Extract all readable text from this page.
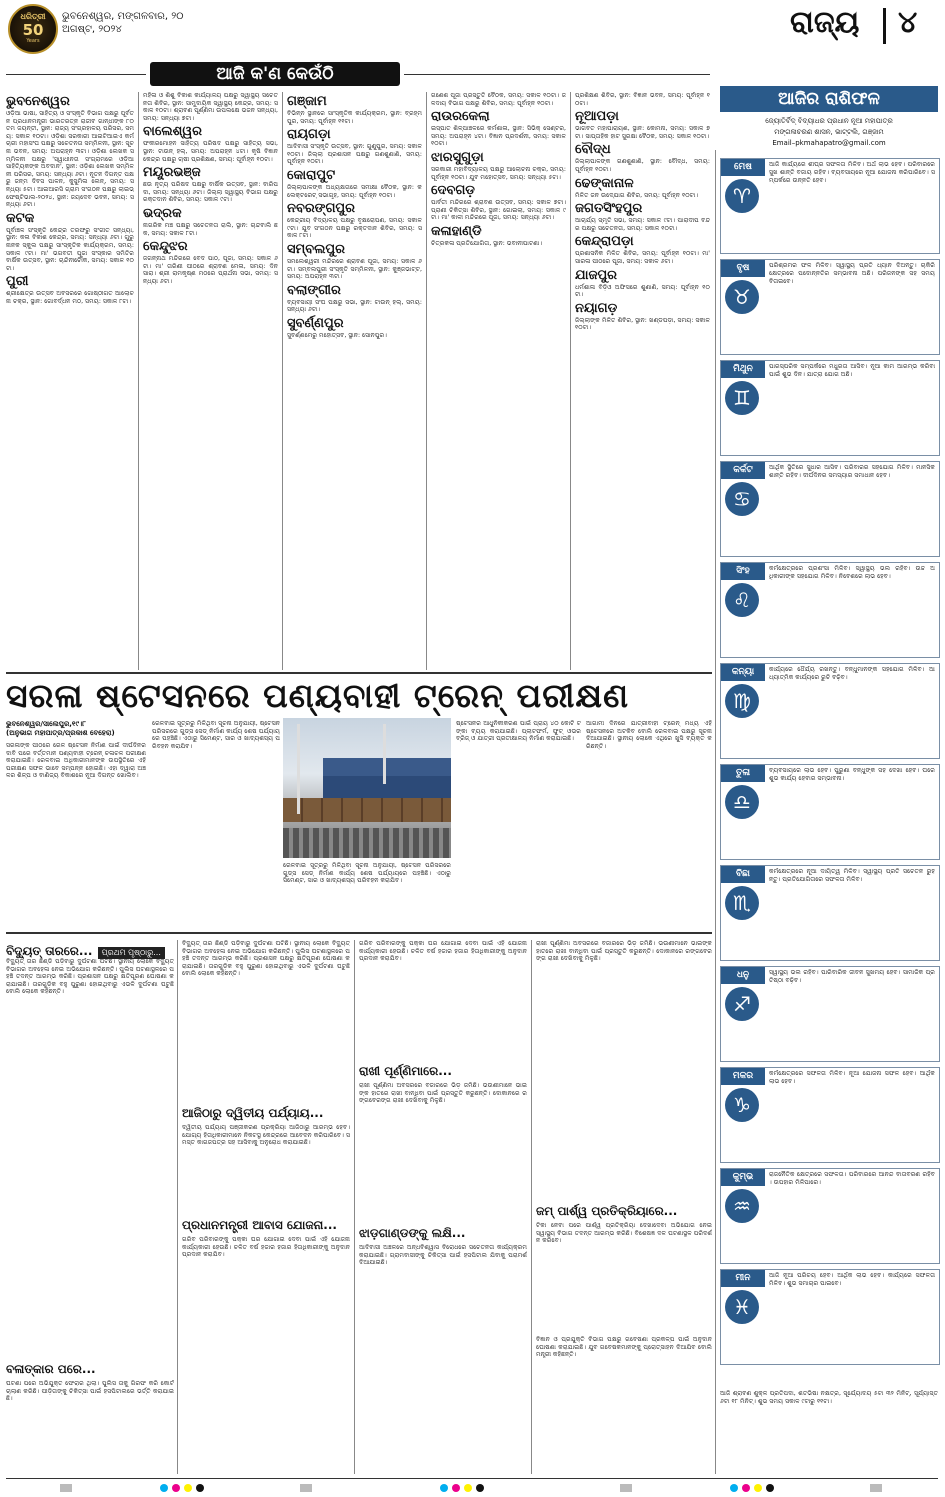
ଧରିତ୍ରୀ
50
Years
ଭୁବନେଶ୍ୱର, ମଙ୍ଗଳବାର, ୨୦ ଅଗଷ୍ଟ, ୨୦୨୪	ରାଜ୍ୟ ୪
ଆଜି କ'ଣ କେଉଁଠି
ଭୁବନେଶ୍ୱର

ଓଡ଼ିଆ ଭାଷା, ସାହିତ୍ୟ ଓ ସଂସ୍କୃତି ବିଭାଗ ପକ୍ଷରୁ ପୂର୍ବତନ ପ୍ରଧାନମନ୍ତ୍ରୀ ଭାରତରତ୍ନ ରାଜୀବ ଗାନ୍ଧୀଙ୍କ ୮୦ତମ ଜୟନ୍ତୀ, ସ୍ଥାନ: ରାଜ୍ୟ ସଂଗ୍ରହାଳୟ ପରିସର, ସମୟ: ସକାଳ ୧୦ଟା। ଓଡ଼ିଶା ସରକାରୀ ଆଇଟିଆଇଏ କର୍ମଚାରୀ ମହାସଂଘ ପକ୍ଷରୁ ସଚେତନତା ସମ୍ମିଳନୀ, ସ୍ଥାନ: ସୂଚନା ଭବନ, ସମୟ: ଅପରାହ୍ନ ୩ଟା। ଓଡ଼ିଶା ଲେଖକ ସମ୍ମିଳନୀ ପକ୍ଷରୁ 'ସ୍ୱାଧୀନତା ସଂଗ୍ରାମରେ ଓଡ଼ିଆ ସାହିତ୍ୟିକଙ୍କ ଅବଦାନ', ସ୍ଥାନ: ଓଡ଼ିଶା ଲେଖକ ସମ୍ମିଳନୀ ପରିସର, ସମୟ: ସନ୍ଧ୍ୟା ୬ଟା। ନୂତନ ଦିଗନ୍ତ ପକ୍ଷରୁ ଜନ୍ମ ଦିବସ ପାଳନ, କୁସୁମିଳା ଲେନ୍, ସମୟ: ସନ୍ଧ୍ୟା ୫ଟା। ଆଇଆରସି ଗ୍ରାମ ସଂଗଠନ ପକ୍ଷରୁ ଲାଇଭ୍ ଫେଷ୍ଟିଭାଲ-୨୦୨୪, ସ୍ଥାନ: ଜୟଦେବ ଭବନ, ସମୟ: ସନ୍ଧ୍ୟା ୬ଟା।

କଟକ

ପୂର୍ବାଞ୍ଚଳ ସଂସ୍କୃତି କେନ୍ଦ୍ର ତରଫରୁ ସଂଗୀତ ସନ୍ଧ୍ୟା, ସ୍ଥାନ: କଳା ବିକାଶ କେନ୍ଦ୍ର, ସମୟ: ସନ୍ଧ୍ୟା ୬ଟା। ଗୁରୁ ନାନକ ସ୍କୁଲ ପକ୍ଷରୁ ସାଂସ୍କୃତିକ କାର୍ଯ୍ୟକ୍ରମ, ସମୟ: ସକାଳ ୯ଟା। ମା' ଭଗବତୀ ପୂଜା ସଂସ୍କାର ସମିତିର ବାର୍ଷିକ ଉତ୍ସବ, ସ୍ଥାନ: ଚାନ୍ଦିନୀଚୌକ, ସମୟ: ସକାଳ ୧୦ଟା।

ପୁରୀ

ଶ୍ରୀକ୍ଷେତ୍ର ଉତ୍ସବ ଅବସରରେ ଗୋଷ୍ଠୀଗତ ଆଲୋଚନା ଚକ୍ର, ସ୍ଥାନ: ଗୋବର୍ଦ୍ଧନ ମଠ, ସମୟ: ସକାଳ ୮ଟା।

ମହିଳା ଓ ଶିଶୁ ବିକାଶ କାର୍ଯ୍ୟାଳୟ ପକ୍ଷରୁ ସ୍ୱାସ୍ଥ୍ୟ ସଚେତନତା ଶିବିର, ସ୍ଥାନ: ସାମୁଦାୟିକ ସ୍ୱାସ୍ଥ୍ୟ କେନ୍ଦ୍ର, ସମୟ: ସକାଳ ୧୦ଟା। ଶ୍ରାବଣ ପୂର୍ଣ୍ଣିମା ଉପଲକ୍ଷେ ଭଜନ ସନ୍ଧ୍ୟା, ସମୟ: ସନ୍ଧ୍ୟା ୭ଟା।

ବାଲେଶ୍ୱର

ଫକୀରମୋହନ ସାହିତ୍ୟ ପରିଷଦ ପକ୍ଷରୁ ସାହିତ୍ୟ ସଭା, ସ୍ଥାନ: ଟାଉନ୍ ହଲ୍, ସମୟ: ଅପରାହ୍ନ ୪ଟା। କୃଷି ବିଜ୍ଞାନ କେନ୍ଦ୍ର ପକ୍ଷରୁ ଚାଷୀ ପ୍ରଶିକ୍ଷଣ, ସମୟ: ପୂର୍ବାହ୍ନ ୧୦ଟା।

ମୟୂରଭଞ୍ଜ

ଛଉ ନୃତ୍ୟ ପରିଷଦ ପକ୍ଷରୁ ବାର୍ଷିକ ଉତ୍ସବ, ସ୍ଥାନ: ବାରିପଦା, ସମୟ: ସନ୍ଧ୍ୟା ୬ଟା। ଜିଲ୍ଲା ସ୍ୱାସ୍ଥ୍ୟ ବିଭାଗ ପକ୍ଷରୁ ରକ୍ତଦାନ ଶିବିର, ସମୟ: ସକାଳ ୯ଟା।

ଭଦ୍ରକ

ନାଗରିକ ମଞ୍ଚ ପକ୍ଷରୁ ସଚେତନତା ରାଲି, ସ୍ଥାନ: ଚାନ୍ଦବାଲି ଛକ, ସମୟ: ସକାଳ ୮ଟା।

କେନ୍ଦୁଝର

ଜଗନ୍ନାଥ ମନ୍ଦିରରେ ବେଦ ପାଠ, ପୂଜା, ସମୟ: ସକାଳ ୬ଟା। ମା' ତାରିଣୀ ପୀଠରେ ଶ୍ରାବଣ ମେଳା, ସମୟ: ଦିନ ସାରା। ଶ୍ରୀ ରାମକୃଷ୍ଣ ମଠରେ ପ୍ରାର୍ଥନା ସଭା, ସମୟ: ସନ୍ଧ୍ୟା ୬ଟା।

ଗଞ୍ଜାମ

ବିଭିନ୍ନ ସ୍ଥାନରେ ସାଂସ୍କୃତିକ କାର୍ଯ୍ୟକ୍ରମ, ସ୍ଥାନ: ବ୍ରହ୍ମପୁର, ସମୟ: ପୂର୍ବାହ୍ନ ୧୧ଟା।

ରାୟଗଡ଼ା

ଆଦିବାସୀ ସଂସ୍କୃତି ଉତ୍ସବ, ସ୍ଥାନ: ଗୁଣୁପୁର, ସମୟ: ସକାଳ ୧୦ଟା। ଜିଲ୍ଲା ପ୍ରଶାସନ ପକ୍ଷରୁ ଗଣଶୁଣାଣି, ସମୟ: ପୂର୍ବାହ୍ନ ୧୦ଟା।

କୋରାପୁଟ

ଜିଲ୍ଲାପାଳଙ୍କ ଅଧ୍ୟକ୍ଷତାରେ ସମୀକ୍ଷା ବୈଠକ, ସ୍ଥାନ: କଲେକ୍ଟରେଟ୍ ସଭାଗୃହ, ସମୟ: ପୂର୍ବାହ୍ନ ୧୦ଟା।

ନବରଙ୍ଗପୁର

କେନ୍ଦ୍ରୀୟ ବିଦ୍ୟାଳୟ ପକ୍ଷରୁ ବୃକ୍ଷରୋପଣ, ସମୟ: ସକାଳ ୯ଟା। ଯୁବ ସଂଗଠନ ପକ୍ଷରୁ ରକ୍ତଦାନ ଶିବିର, ସମୟ: ସକାଳ ୮ଟା।

ସମ୍ବଲପୁର

ସମଲେଶ୍ୱରୀ ମନ୍ଦିରରେ ଶ୍ରାବଣ ପୂଜା, ସମୟ: ସକାଳ ୬ଟା। ସମ୍ବଲପୁରୀ ସଂସ୍କୃତି ସମ୍ମିଳନୀ, ସ୍ଥାନ: କୁଞ୍ଜଭାଟ୍ଟ, ସମୟ: ଅପରାହ୍ନ ୩ଟା।

ବଲାଙ୍ଗୀର

ବ୍ୟବସାୟୀ ସଂଘ ପକ୍ଷରୁ ସଭା, ସ୍ଥାନ: ଟାଉନ୍ ହଲ୍, ସମୟ: ସନ୍ଧ୍ୟା ୬ଟା।

ସୁବର୍ଣ୍ଣପୁର

ସୁବର୍ଣ୍ଣମେରୁ ମହୋତ୍ସବ, ସ୍ଥାନ: ସୋନପୁର।

ଗଣେଶ ପୂଜା ପ୍ରସ୍ତୁତି ବୈଠକ, ସମୟ: ସକାଳ ୧୦ଟା। ଜଳଦାୟ ବିଭାଗ ପକ୍ଷରୁ ଶିବିର, ସମୟ: ପୂର୍ବାହ୍ନ ୧୦ଟା।

ରାଉରକେଲା

ଇସ୍ପାତ ଶିଳ୍ପାଞ୍ଚଳରେ କର୍ମଶାଳା, ସ୍ଥାନ: ସିଭିକ୍ ସେଣ୍ଟର, ସମୟ: ଅପରାହ୍ନ ୪ଟା। ବିଜ୍ଞାନ ପ୍ରଦର୍ଶନୀ, ସମୟ: ସକାଳ ୧୦ଟା।

ଝାରସୁଗୁଡ଼ା

ସରକାରୀ ମହାବିଦ୍ୟାଳୟ ପକ୍ଷରୁ ଆଲୋଚନା ଚକ୍ର, ସମୟ: ପୂର୍ବାହ୍ନ ୧୦ଟା। ଯୁବ ମହୋତ୍ସବ, ସମୟ: ସନ୍ଧ୍ୟା ୫ଟା।

ଦେବଗଡ଼

ପାର୍ବତୀ ମନ୍ଦିରରେ ଶ୍ରାବଣ ଉତ୍ସବ, ସମୟ: ସକାଳ ୭ଟା। ପ୍ରାଣୀ ଚିକିତ୍ସା ଶିବିର, ସ୍ଥାନ: ଗୋଇଲା, ସମୟ: ସକାଳ ୯ଟା। ମା' କାଳୀ ମନ୍ଦିରରେ ପୂଜା, ସମୟ: ସନ୍ଧ୍ୟା ୬ଟା।

କଳାହାଣ୍ଡି

ଚିତ୍ରକଳା ପ୍ରତିଯୋଗିତା, ସ୍ଥାନ: ଭବାନୀପାଟଣା।

ପ୍ରଶିକ୍ଷଣ ଶିବିର, ସ୍ଥାନ: ବିଜ୍ଞାନ ଭବନ, ସମୟ: ପୂର୍ବାହ୍ନ ୧୦ଟା।

ନୂଆପଡ଼ା

ଭାଗବତ ମହାପାରାୟଣ, ସ୍ଥାନ: କୋମନା, ସମୟ: ସକାଳ ୭ଟା। ସାପ୍ତାହିକ ହାଟ ସୁରକ୍ଷା ବୈଠକ, ସମୟ: ସକାଳ ୧୦ଟା।

ବୌଦ୍ଧ

ଜିଲ୍ଲାପାଳଙ୍କ ଗଣଶୁଣାଣି, ସ୍ଥାନ: ବୌଦ୍ଧ, ସମୟ: ପୂର୍ବାହ୍ନ ୧୦ଟା।

ଢେଙ୍କାନାଳ

ମିଳିତ ଜନ ଉଦ୍ଯୋଗ ଶିବିର, ସମୟ: ପୂର୍ବାହ୍ନ ୧୦ଟା।

ଜଗତସିଂହପୁର

ଆଚାର୍ଯ୍ୟ ସ୍ମୃତି ସଭା, ସମୟ: ସକାଳ ୯ଟା। ପାରାଦୀପ ବନ୍ଦର ପକ୍ଷରୁ ସଚେତନତା, ସମୟ: ସକାଳ ୧୦ଟା।

କେନ୍ଦ୍ରାପଡ଼ା

ପ୍ରଶାସନିକ ମିଳିତ ଶିବିର, ସମୟ: ପୂର୍ବାହ୍ନ ୧୦ଟା। ମା' ସାରଳା ପୀଠରେ ପୂଜା, ସମୟ: ସକାଳ ୬ଟା।

ଯାଜପୁର

ଧର୍ମଶାଳା ବିଡ଼ିଓ ଅଫିସରେ ଶୁଣାଣି, ସମୟ: ପୂର୍ବାହ୍ନ ୧୦ଟା।

ନୟାଗଡ଼

ଜିଲ୍ଲାଙ୍କ ମିଳିତ ଶିବିର, ସ୍ଥାନ: ଖଣ୍ଡପଡ଼ା, ସମୟ: ସକାଳ ୧୦ଟା।

ଆଜିର ରାଶିଫଳ
ଜ୍ୟୋତିର୍ବିଦ୍ ବିଦ୍ୟାଧର ପ୍ରଧାନ ନୂଆ ମହାପାତ୍ର
ମଙ୍ଗଳାଚରଣ ଶାସନ, ଭାଟ୍ଟଲି, ଗଞ୍ଜାମ
Email–pkmahapatro@gmail.com
ମେଷ
♈
ଆଜି କାର୍ଯ୍ୟରେ ଶୀଘ୍ର ସଫଳତା ମିଳିବ। ଅର୍ଥ ଲାଭ ହେବ। ପରିବାରରେ ସୁଖ ଶାନ୍ତି ବଜାୟ ରହିବ। ବ୍ୟବସାୟରେ ନୂଆ ଯୋଜନା କରିପାରିବେ। ସମ୍ପର୍କରେ ଉନ୍ନତି ହେବ।
ବୃଷ
♉
ପରିଶ୍ରମର ଫଳ ମିଳିବ। ସ୍ୱାସ୍ଥ୍ୟ ପ୍ରତି ଧ୍ୟାନ ଦିଅନ୍ତୁ। ଚାକିରି କ୍ଷେତ୍ରରେ ପଦୋନ୍ନତିର ସମ୍ଭାବନା ଅଛି। ପରିଜନଙ୍କ ସହ ସମୟ ବିତାଇବେ।
ମିଥୁନ
♊
ପାରସ୍ପରିକ ସମ୍ପର୍କରେ ମଧୁରତା ଆସିବ। ନୂଆ କାମ ଆରମ୍ଭ କରିବା ପାଇଁ ଶୁଭ ଦିନ। ଯାତ୍ରା ଯୋଗ ଅଛି।
କର୍କଟ
♋
ଆର୍ଥିକ ସ୍ଥିତିରେ ସୁଧାର ଆସିବ। ପରିବାରର ସହଯୋଗ ମିଳିବ। ମାନସିକ ଶାନ୍ତି ରହିବ। ଦୀର୍ଘଦିନର ସମସ୍ୟାର ସମାଧାନ ହେବ।
ସିଂହ
♌
କର୍ମକ୍ଷେତ୍ରରେ ପ୍ରଶଂସା ମିଳିବ। ସ୍ୱାସ୍ଥ୍ୟ ଭଲ ରହିବ। ଉଚ୍ଚ ଅଧିକାରୀଙ୍କ ସହଯୋଗ ମିଳିବ। ନିବେଶରେ ଲାଭ ହେବ।
କନ୍ୟା
♍
କାର୍ଯ୍ୟରେ ଧୈର୍ଯ୍ୟ ରଖନ୍ତୁ। ବନ୍ଧୁମାନଙ୍କ ସହଯୋଗ ମିଳିବ। ଆଧ୍ୟାତ୍ମିକ କାର୍ଯ୍ୟରେ ରୁଚି ବଢ଼ିବ।
ତୁଳା
♎
ବ୍ୟବସାୟରେ ଲାଭ ହେବ। ପୁରୁଣା ବନ୍ଧୁଙ୍କ ସହ ଦେଖା ହେବ। ଘରେ ଶୁଭ କାର୍ଯ୍ୟ ହେବାର ସମ୍ଭାବନା।
ବିଛା
♏
କର୍ମକ୍ଷେତ୍ରରେ ନୂଆ ଦାୟିତ୍ୱ ମିଳିବ। ସ୍ୱାସ୍ଥ୍ୟ ପ୍ରତି ସଚେତନ ରୁହନ୍ତୁ। ପ୍ରତିଯୋଗିତାରେ ସଫଳତା ମିଳିବ।
ଧନୁ
♐
ସ୍ୱାସ୍ଥ୍ୟ ଭଲ ରହିବ। ପାରିବାରିକ ଜୀବନ ସୁଖମୟ ହେବ। ସାମାଜିକ ପ୍ରତିଷ୍ଠା ବଢ଼ିବ।
ମକର
♑
କର୍ମକ୍ଷେତ୍ରରେ ସଫଳତା ମିଳିବ। ନୂଆ ଯୋଜନା ସଫଳ ହେବ। ଆର୍ଥିକ ଲାଭ ହେବ।
କୁମ୍ଭ
♒
ରାଜନୈତିକ କ୍ଷେତ୍ରରେ ସଫଳତା। ପରିବାରରେ ଆନନ୍ଦ ବାତାବରଣ ରହିବ। ଉପହାର ମିଳିପାରେ।
ମୀନ
♓
ଆଜି ନୂଆ ପରିଚୟ ହେବ। ଆର୍ଥିକ ଲାଭ ହେବ। କାର୍ଯ୍ୟରେ ସଫଳତା ମିଳିବ। ଶୁଭ ସମାଚାର ପାଇବେ।
ଆଜି ଶ୍ରାବଣ ଶୁକ୍ଳ ପ୍ରତିପଦା, ଶତଭିଷା ନକ୍ଷତ୍ର, ସୂର୍ଯ୍ୟୋଦୟ ୫ଟା ୩୨ ମିନିଟ୍, ସୂର୍ଯ୍ୟାସ୍ତ ୬ଟା ୧୮ ମିନିଟ୍। ଶୁଭ ସମୟ ସକାଳ ୯ଟାରୁ ୧୧ଟା।
ସରଳା ଷ୍ଟେସନରେ ପଣ୍ୟବାହୀ ଟ୍ରେନ୍ ପରୀକ୍ଷଣ
ଭୁବନେଶ୍ୱର/ସାଲେପୁର,୧୯।୮
(ଅନୁଭାଗ ମହାପାତ୍ର/ପ୍ରକାଶ ବେହେରା)
ସରଳାଙ୍କ ପୀଠରେ ରେଳ ଷ୍ଟେସନ ନିର୍ମାଣ ପାଇଁ ଦୀର୍ଘଦିନର ଦାବି ପରେ ବର୍ତ୍ତମାନ ପଣ୍ୟବାହୀ ଟ୍ରେନ୍ ଚଳାଚଳ ପରୀକ୍ଷଣ କରାଯାଇଛି। ରେଳବାଇ ଅଧିକାରୀମାନଙ୍କ ଉପସ୍ଥିତିରେ ଏହି ପରୀକ୍ଷଣ ସଫଳ ଭାବେ ସମ୍ପନ୍ନ ହୋଇଛି। ଏହା ଦ୍ୱାରା ଅଞ୍ଚଳର ଶିଳ୍ପ ଓ ବାଣିଜ୍ୟ ବିକାଶରେ ନୂଆ ଦିଗନ୍ତ ଖୋଲିବ।
ରେଳବାଇ ସୂତ୍ରରୁ ମିଳିଥିବା ସୂଚନା ଅନୁଯାୟୀ, ଷ୍ଟେସନ ପରିସରରେ ଗୁଡ୍ସ ସେଡ୍ ନିର୍ମାଣ କାର୍ଯ୍ୟ ଶେଷ ପର୍ଯ୍ୟାୟରେ ପହଞ୍ଚିଛି। ଏଠାରୁ ସିମେଣ୍ଟ, ସାର ଓ ଖାଦ୍ୟଶସ୍ୟ ପରିବହନ କରାଯିବ।
ଷ୍ଟେସନର ଆଧୁନିକୀକରଣ ପାଇଁ ପ୍ରାୟ ୪୦ କୋଟି ଟଙ୍କା ବ୍ୟୟ କରାଯାଇଛି। ପ୍ଲାଟଫର୍ମ, ଫୁଟ୍ ଓଭରବ୍ରିଜ୍ ଓ ଯାତ୍ରୀ ପ୍ରତୀକ୍ଷାଳୟ ନିର୍ମାଣ କରାଯାଇଛି।
ଆଗାମୀ ଦିନରେ ଯାତ୍ରୀବାହୀ ଟ୍ରେନ୍ ମଧ୍ୟ ଏହି ଷ୍ଟେସନରେ ଅଟକିବ ବୋଲି ରେଳବାଇ ପକ୍ଷରୁ ସୂଚନା ଦିଆଯାଇଛି। ସ୍ଥାନୀୟ ଲୋକେ ଏଥିରେ ଖୁସି ବ୍ୟକ୍ତ କରିଛନ୍ତି।
ରେଳବାଇ ସୂତ୍ରରୁ ମିଳିଥିବା ସୂଚନା ଅନୁଯାୟୀ, ଷ୍ଟେସନ ପରିସରରେ ଗୁଡ୍ସ ସେଡ୍ ନିର୍ମାଣ କାର୍ଯ୍ୟ ଶେଷ ପର୍ଯ୍ୟାୟରେ ପହଞ୍ଚିଛି। ଏଠାରୁ ସିମେଣ୍ଟ, ସାର ଓ ଖାଦ୍ୟଶସ୍ୟ ପରିବହନ କରାଯିବ।
ବିଦ୍ୟୁତ୍ ତାରରେ... ପ୍ରଥମ ପୃଷ୍ଠାରୁ...
ବିଦ୍ୟୁତ୍ ତାର ଛିଣ୍ଡି ପଡ଼ିବାରୁ ଦୁର୍ଘଟଣା ଘଟିଛି। ସ୍ଥାନୀୟ ଲୋକେ ବିଦ୍ୟୁତ୍ ବିଭାଗର ଅବହେଳା ନେଇ ଅଭିଯୋଗ କରିଛନ୍ତି। ପୁଲିସ ଘଟଣାସ୍ଥଳରେ ପହଞ୍ଚି ତଦନ୍ତ ଆରମ୍ଭ କରିଛି। ପ୍ରଶାସନ ପକ୍ଷରୁ କ୍ଷତିପୂରଣ ଘୋଷଣା କରାଯାଇଛି। ତାରଗୁଡ଼ିକ ବହୁ ପୁରୁଣା ହୋଇଥିବାରୁ ଏଭଳି ଦୁର୍ଘଟଣା ଘଟୁଛି ବୋଲି ଲୋକେ କହିଛନ୍ତି।
ବଳାତ୍କାର ପରେ...
ଘଟଣା ପରେ ଅଭିଯୁକ୍ତ ଫେରାର ଥିଲା। ପୁଲିସ ତାକୁ ଗିରଫ କରି କୋର୍ଟ ଚାଲାଣ କରିଛି। ପୀଡ଼ିତାଙ୍କୁ ଚିକିତ୍ସା ପାଇଁ ହସପିଟାଲରେ ଭର୍ତ୍ତି କରାଯାଇଛି।
ବିଦ୍ୟୁତ୍ ତାର ଛିଣ୍ଡି ପଡ଼ିବାରୁ ଦୁର୍ଘଟଣା ଘଟିଛି। ସ୍ଥାନୀୟ ଲୋକେ ବିଦ୍ୟୁତ୍ ବିଭାଗର ଅବହେଳା ନେଇ ଅଭିଯୋଗ କରିଛନ୍ତି। ପୁଲିସ ଘଟଣାସ୍ଥଳରେ ପହଞ୍ଚି ତଦନ୍ତ ଆରମ୍ଭ କରିଛି। ପ୍ରଶାସନ ପକ୍ଷରୁ କ୍ଷତିପୂରଣ ଘୋଷଣା କରାଯାଇଛି। ତାରଗୁଡ଼ିକ ବହୁ ପୁରୁଣା ହୋଇଥିବାରୁ ଏଭଳି ଦୁର୍ଘଟଣା ଘଟୁଛି ବୋଲି ଲୋକେ କହିଛନ୍ତି।
ଆଜିଠାରୁ ଦ୍ୱିତୀୟ ପର୍ଯ୍ୟାୟ...
ଦ୍ୱିତୀୟ ପର୍ଯ୍ୟାୟ ପଞ୍ଜୀକରଣ ପ୍ରକ୍ରିୟା ଆଜିଠାରୁ ଆରମ୍ଭ ହେବ। ଯୋଗ୍ୟ ହିତାଧିକାରୀମାନେ ନିକଟସ୍ଥ କେନ୍ଦ୍ରରେ ଆବେଦନ କରିପାରିବେ। ସମସ୍ତ କାଗଜପତ୍ର ସହ ଆସିବାକୁ ଅନୁରୋଧ କରାଯାଇଛି।
ପ୍ରଧାନମନ୍ତ୍ରୀ ଆବାସ ଯୋଜନା...
ଗରିବ ପରିବାରଙ୍କୁ ପକ୍କା ଘର ଯୋଗାଇ ଦେବା ପାଇଁ ଏହି ଯୋଜନା କାର୍ଯ୍ୟକାରୀ ହେଉଛି। ଚଳିତ ବର୍ଷ ହଜାର ହଜାର ହିତାଧିକାରୀଙ୍କୁ ଅନୁଦାନ ପ୍ରଦାନ କରାଯିବ।
ଗରିବ ପରିବାରଙ୍କୁ ପକ୍କା ଘର ଯୋଗାଇ ଦେବା ପାଇଁ ଏହି ଯୋଜନା କାର୍ଯ୍ୟକାରୀ ହେଉଛି। ଚଳିତ ବର୍ଷ ହଜାର ହଜାର ହିତାଧିକାରୀଙ୍କୁ ଅନୁଦାନ ପ୍ରଦାନ କରାଯିବ।
ରାଖୀ ପୂର୍ଣ୍ଣିମାରେ...
ରାଖୀ ପୂର୍ଣ୍ଣିମା ଅବସରରେ ବଜାରରେ ଭିଡ଼ ଜମିଛି। ଭଉଣୀମାନେ ଭାଇଙ୍କ ହାତରେ ରାଖୀ ବାନ୍ଧିବା ପାଇଁ ପ୍ରସ୍ତୁତି କରୁଛନ୍ତି। ଦୋକାନରେ ରଙ୍ଗବେରଙ୍ଗ ରାଖୀ ଦେଖିବାକୁ ମିଳୁଛି।
ଝାଡ଼ଗାଣ୍ଡଙ୍କୁ ଲକ୍ଷି...
ଆଦିବାସୀ ଅଞ୍ଚଳରେ ଅନ୍ଧବିଶ୍ୱାସ ବିରୋଧରେ ସଚେତନତା କାର୍ଯ୍ୟକ୍ରମ କରାଯାଇଛି। ଗ୍ରାମବାସୀଙ୍କୁ ଚିକିତ୍ସା ପାଇଁ ହସପିଟାଲ ଯିବାକୁ ପରାମର୍ଶ ଦିଆଯାଇଛି।
ରାଖୀ ପୂର୍ଣ୍ଣିମା ଅବସରରେ ବଜାରରେ ଭିଡ଼ ଜମିଛି। ଭଉଣୀମାନେ ଭାଇଙ୍କ ହାତରେ ରାଖୀ ବାନ୍ଧିବା ପାଇଁ ପ୍ରସ୍ତୁତି କରୁଛନ୍ତି। ଦୋକାନରେ ରଙ୍ଗବେରଙ୍ଗ ରାଖୀ ଦେଖିବାକୁ ମିଳୁଛି।
ଜମ୍ ପାର୍ଶ୍ୱ ପ୍ରତିକ୍ରିୟାରେ...
ଟିକା ନେବା ପରେ ପାର୍ଶ୍ୱ ପ୍ରତିକ୍ରିୟା ଦେଖାଦେବା ଅଭିଯୋଗ ନେଇ ସ୍ୱାସ୍ଥ୍ୟ ବିଭାଗ ତଦନ୍ତ ଆରମ୍ଭ କରିଛି। ବିଶେଷଜ୍ଞ ଦଳ ଘଟଣାସ୍ଥଳ ପରିଦର୍ଶନ କରିବେ।
ବିଜ୍ଞାନ ଓ ପ୍ରଯୁକ୍ତି ବିଭାଗ ପକ୍ଷରୁ ଗବେଷଣା ପ୍ରକଳ୍ପ ପାଇଁ ଅନୁଦାନ ଘୋଷଣା କରାଯାଇଛି। ଯୁବ ଗବେଷକମାନଙ୍କୁ ପ୍ରୋତ୍ସାହନ ଦିଆଯିବ ବୋଲି ମନ୍ତ୍ରୀ କହିଛନ୍ତି।
